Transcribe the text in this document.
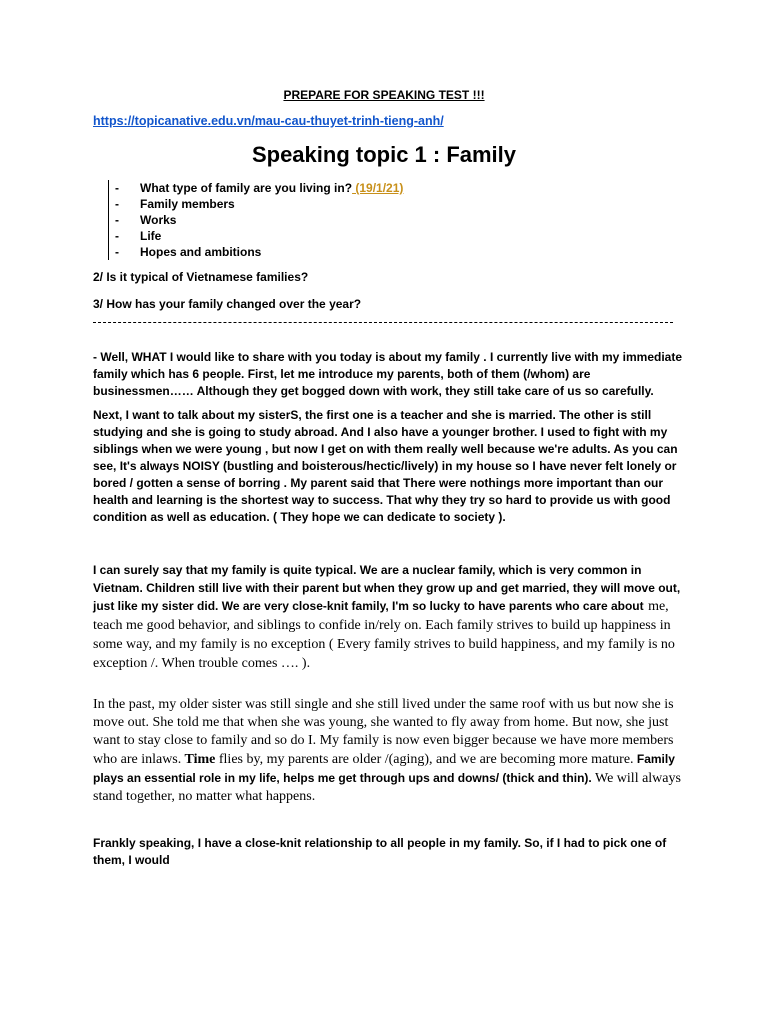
PREPARE FOR SPEAKING TEST !!!
https://topicanative.edu.vn/mau-cau-thuyet-trinh-tieng-anh/
Speaking topic 1 : Family
-	What type of family are you living in? (19/1/21)
-	Family members
-	Works
-	Life
-	Hopes and ambitions
2/ Is it typical of Vietnamese families?
3/ How has your family changed over the year?
- Well, WHAT I would like to share with you today is about my family . I currently live with my immediate family which has 6 people. First, let me introduce my parents, both of them (/whom) are businessmen…… Although they get bogged down with work, they still take care of us so carefully.
Next, I want to talk about my sisterS, the first one is a teacher and she is married. The other is still studying and she is going to study abroad. And I also have a younger brother. I used to fight with my siblings when we were young , but now I get on with them really well because we're adults. As you can see, It's always NOISY (bustling and boisterous/hectic/lively) in my house so I have never felt lonely or bored / gotten a sense of borring . My parent said that There were nothings more important than our health and learning is the shortest way to success. That why they try so hard to provide us with good condition as well as education. ( They hope we can dedicate to society ).
I can surely say that my family is quite typical. We are a nuclear family, which is very common in Vietnam. Children still live with their parent but when they grow up and get married, they will move out, just like my sister did. We are very close-knit family, I'm so lucky to have parents who care about me, teach me good behavior, and siblings to confide in/rely on. Each family strives to build up happiness in some way, and my family is no exception ( Every family strives to build happiness, and my family is no exception /. When trouble comes …. ).
In the past, my older sister was still single and she still lived under the same roof with us but now she is move out. She told me that when she was young, she wanted to fly away from home. But now, she just want to stay close to family and so do I. My family is now even bigger because we have more members who are inlaws. Time flies by, my parents are older /(aging), and we are becoming more mature. Family plays an essential role in my life, helps me get through ups and downs/ (thick and thin). We will always stand together, no matter what happens.
Frankly speaking, I have a close-knit relationship to all people in my family. So, if I had to pick one of them, I would
